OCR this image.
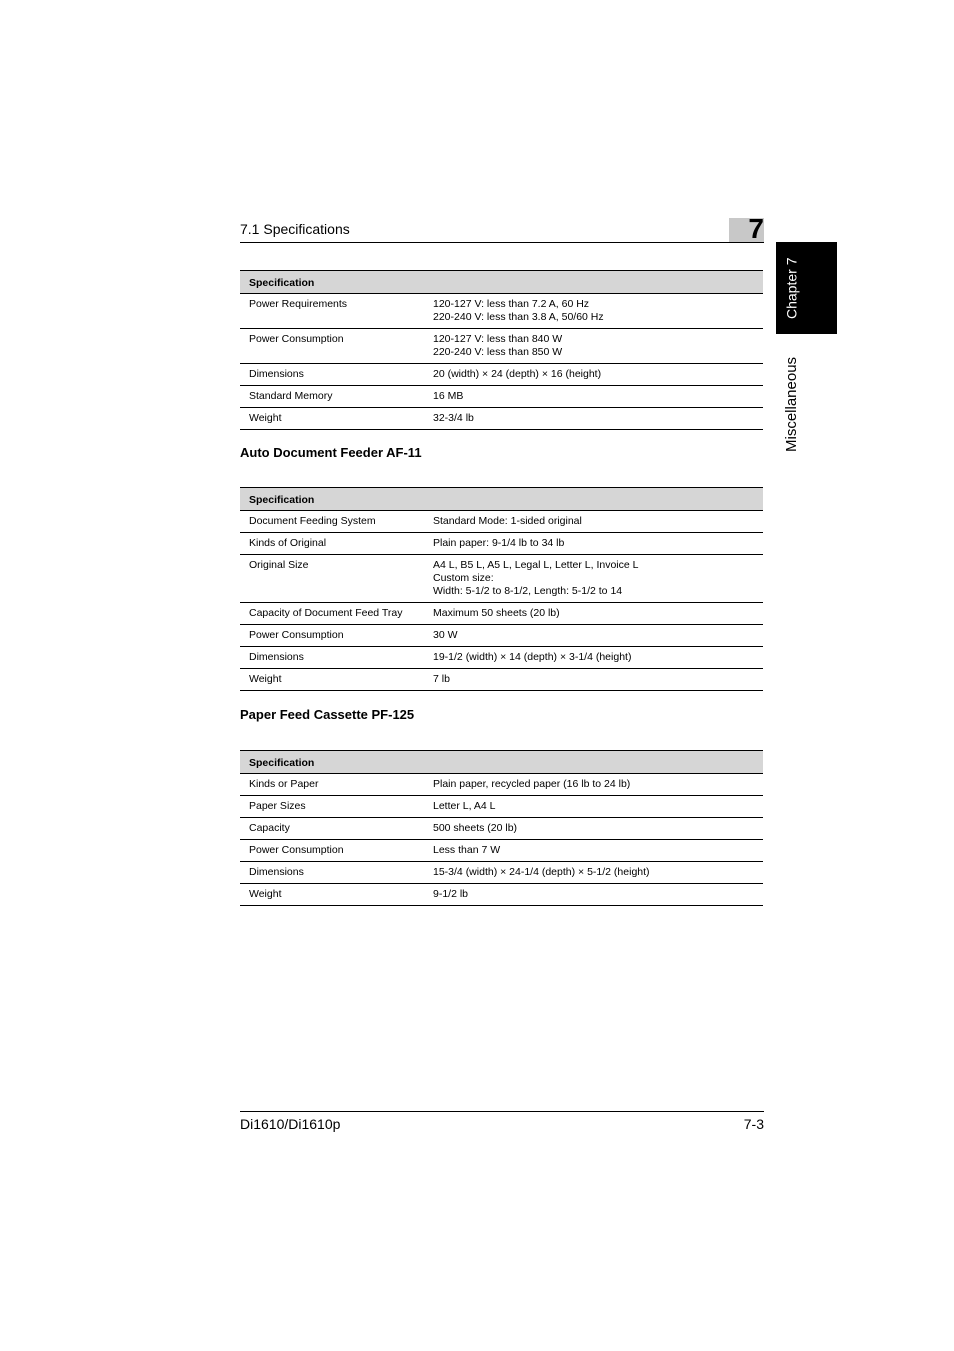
7.1 Specifications	7
Chapter 7
Miscellaneous
Specification	
Power Requirements	120-127 V: less than 7.2 A, 60 Hz
220-240 V: less than 3.8 A, 50/60 Hz
Power Consumption	120-127 V: less than 840 W
220-240 V: less than 850 W
Dimensions	20 (width) × 24 (depth) × 16 (height)
Standard Memory	16 MB
Weight	32-3/4 lb
Auto Document Feeder AF-11
Specification	
Document Feeding System	Standard Mode: 1-sided original
Kinds of Original	Plain paper: 9-1/4 lb to 34 lb
Original Size	A4 L, B5 L, A5 L, Legal L, Letter L, Invoice L
Custom size:
Width: 5-1/2 to 8-1/2, Length: 5-1/2 to 14
Capacity of Document Feed Tray	Maximum 50 sheets (20 lb)
Power Consumption	30 W
Dimensions	19-1/2 (width) × 14 (depth) × 3-1/4 (height)
Weight	7 lb
Paper Feed Cassette PF-125
Specification	
Kinds or Paper	Plain paper, recycled paper (16 lb to 24 lb)
Paper Sizes	Letter L, A4 L
Capacity	500 sheets (20 lb)
Power Consumption	Less than 7 W
Dimensions	15-3/4 (width) × 24-1/4 (depth) × 5-1/2 (height)
Weight	9-1/2 lb
Di1610/Di1610p	7-3
